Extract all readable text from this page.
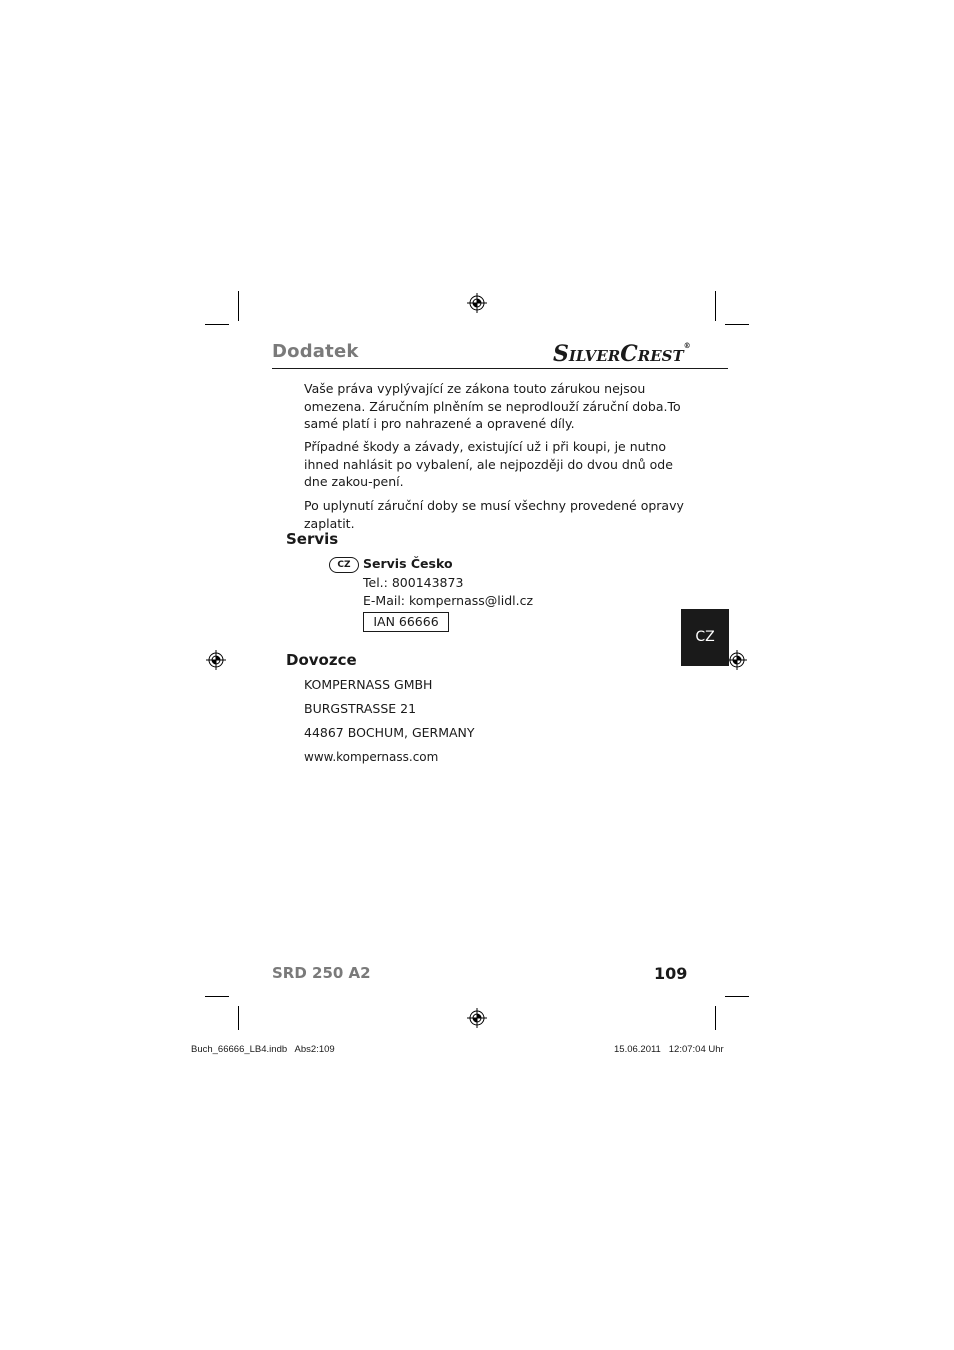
Dodatek	SILVERCREST®
Vaše práva vyplývající ze zákona touto zárukou nejsou omezena. Záručním plněním se neprodlouží záruční doba.To samé platí i pro nahrazené a opravené díly.
Případné škody a závady, existující už i při koupi, je nutno ihned nahlásit po vybalení, ale nejpozději do dvou dnů ode dne zakou-pení.
Po uplynutí záruční doby se musí všechny provedené opravy zaplatit.
Servis
CZ Servis Česko
Tel.: 800143873
E-Mail: kompernass@lidl.cz
IAN 66666
CZ
Dovozce
KOMPERNASS GMBH
BURGSTRASSE 21
44867 BOCHUM, GERMANY
www.kompernass.com
SRD 250 A2	109
Buch_66666_LB4.indb   Abs2:109	15.06.2011   12:07:04 Uhr
